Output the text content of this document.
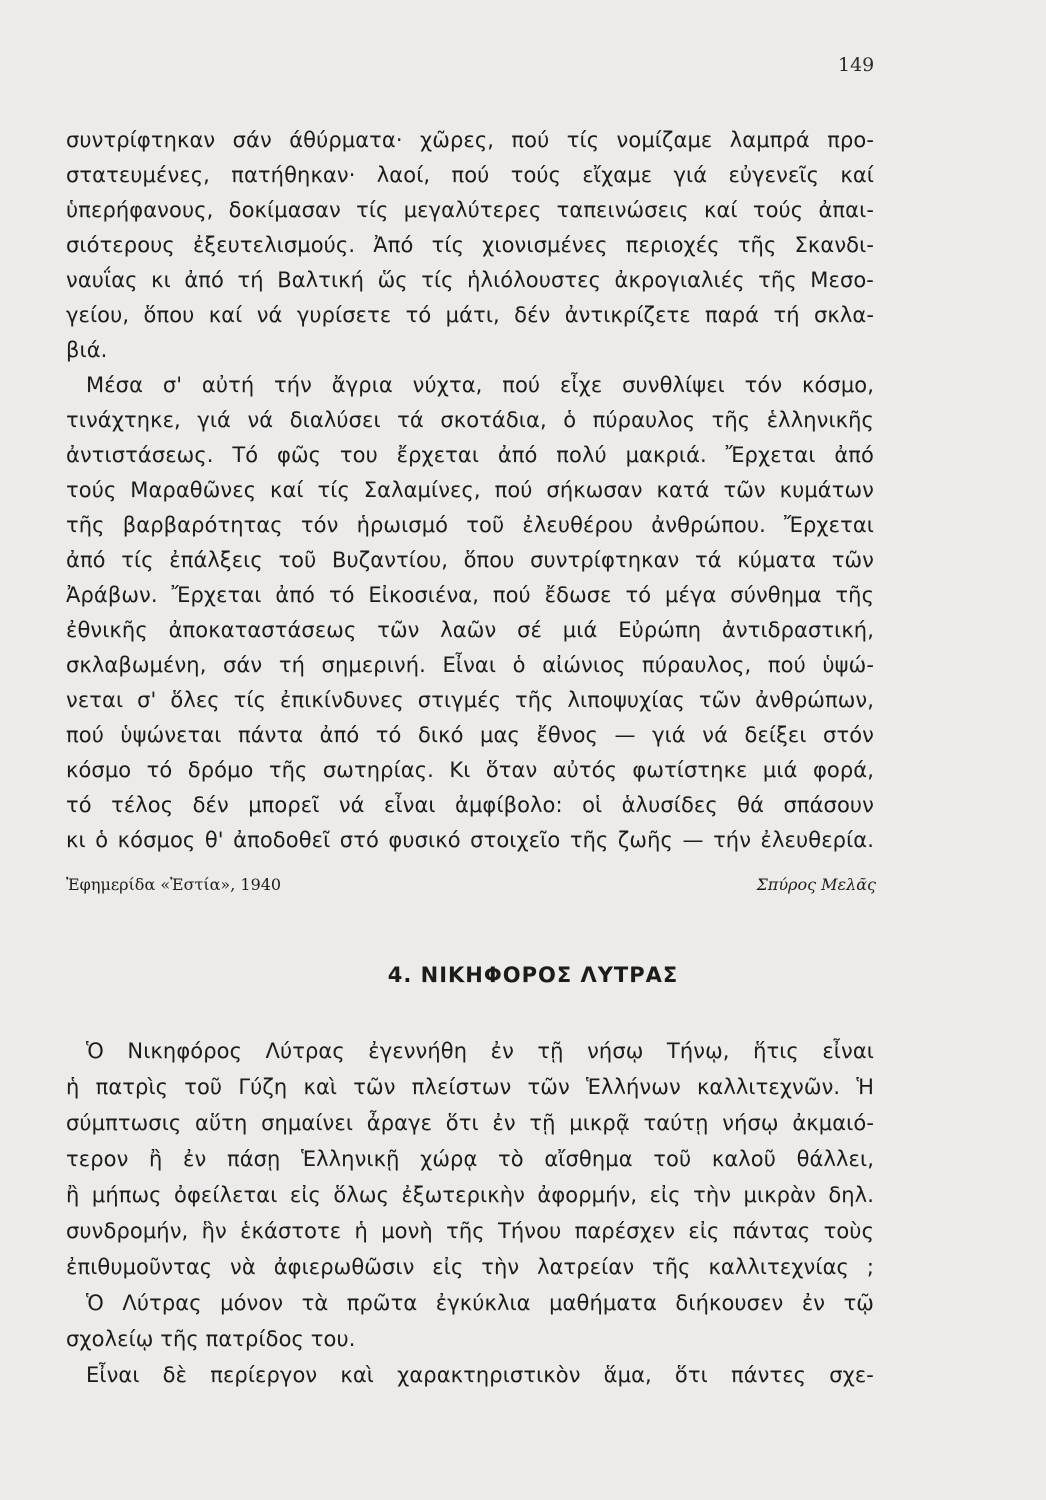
149
συντρίφτηκαν σάν άθύρματα· χῶρες, πού τίς νομίζαμε λαμπρά προ-
στατευμένες, πατήθηκαν· λαοί, πού τούς εἴχαμε γιά εὐγενεῖς καί
ὑπερήφανους, δοκίμασαν τίς μεγαλύτερες ταπεινώσεις καί τούς ἀπαι-
σιότερους ἐξευτελισμούς. Ἀπό τίς χιονισμένες περιοχές τῆς Σκανδι-
ναυΐας κι ἀπό τή Βαλτική ὥς τίς ἡλιόλουστες ἀκρογιαλιές τῆς Μεσο-
γείου, ὅπου καί νά γυρίσετε τό μάτι, δέν ἀντικρίζετε παρά τή σκλα-
βιά.
Μέσα σ' αὐτή τήν ἄγρια νύχτα, πού εἶχε συνθλίψει τόν κόσμο,
τινάχτηκε, γιά νά διαλύσει τά σκοτάδια, ὁ πύραυλος τῆς ἑλληνικῆς
ἀντιστάσεως. Τό φῶς του ἔρχεται ἀπό πολύ μακριά. Ἔρχεται ἀπό
τούς Μαραθῶνες καί τίς Σαλαμίνες, πού σήκωσαν κατά τῶν κυμάτων
τῆς βαρβαρότητας τόν ἡρωισμό τοῦ ἐλευθέρου ἀνθρώπου. Ἔρχεται
ἀπό τίς ἐπάλξεις τοῦ Βυζαντίου, ὅπου συντρίφτηκαν τά κύματα τῶν
Ἀράβων. Ἔρχεται ἀπό τό Εἰκοσιένα, πού ἔδωσε τό μέγα σύνθημα τῆς
ἐθνικῆς ἀποκαταστάσεως τῶν λαῶν σέ μιά Εὐρώπη ἀντιδραστική,
σκλαβωμένη, σάν τή σημερινή. Εἶναι ὁ αἰώνιος πύραυλος, πού ὑψώ-
νεται σ' ὅλες τίς ἐπικίνδυνες στιγμές τῆς λιποψυχίας τῶν ἀνθρώπων,
πού ὑψώνεται πάντα ἀπό τό δικό μας ἔθνος — γιά νά δείξει στόν
κόσμο τό δρόμο τῆς σωτηρίας. Κι ὅταν αὐτός φωτίστηκε μιά φορά,
τό τέλος δέν μπορεῖ νά εἶναι ἀμφίβολο: οἱ ἁλυσίδες θά σπάσουν
κι ὁ κόσμος θ' ἀποδοθεῖ στό φυσικό στοιχεῖο τῆς ζωῆς — τήν ἐλευθερία.
Ἐφημερίδα «Ἑστία», 1940	Σπύρος Μελᾶς
4. ΝΙΚΗΦΟΡΟΣ ΛΥΤΡΑΣ
Ὁ Νικηφόρος Λύτρας ἐγεννήθη ἐν τῇ νήσῳ Τήνῳ, ἥτις εἶναι
ἡ πατρὶς τοῦ Γύζη καὶ τῶν πλείστων τῶν Ἑλλήνων καλλιτεχνῶν. Ἡ
σύμπτωσις αὕτη σημαίνει ἆραγε ὅτι ἐν τῇ μικρᾷ ταύτῃ νήσῳ ἀκμαιό-
τερον ἢ ἐν πάσῃ Ἑλληνικῇ χώρᾳ τὸ αἴσθημα τοῦ καλοῦ θάλλει,
ἢ μήπως ὀφείλεται εἰς ὅλως ἐξωτερικὴν ἀφορμήν, εἰς τὴν μικρὰν δηλ.
συνδρομήν, ἣν ἑκάστοτε ἡ μονὴ τῆς Τήνου παρέσχεν εἰς πάντας τοὺς
ἐπιθυμοῦντας νὰ ἀφιερωθῶσιν εἰς τὴν λατρείαν τῆς καλλιτεχνίας ;
Ὁ Λύτρας μόνον τὰ πρῶτα ἐγκύκλια μαθήματα διήκουσεν ἐν τῷ
σχολείῳ τῆς πατρίδος του.
Εἶναι δὲ περίεργον καὶ χαρακτηριστικὸν ἅμα, ὅτι πάντες σχε-
